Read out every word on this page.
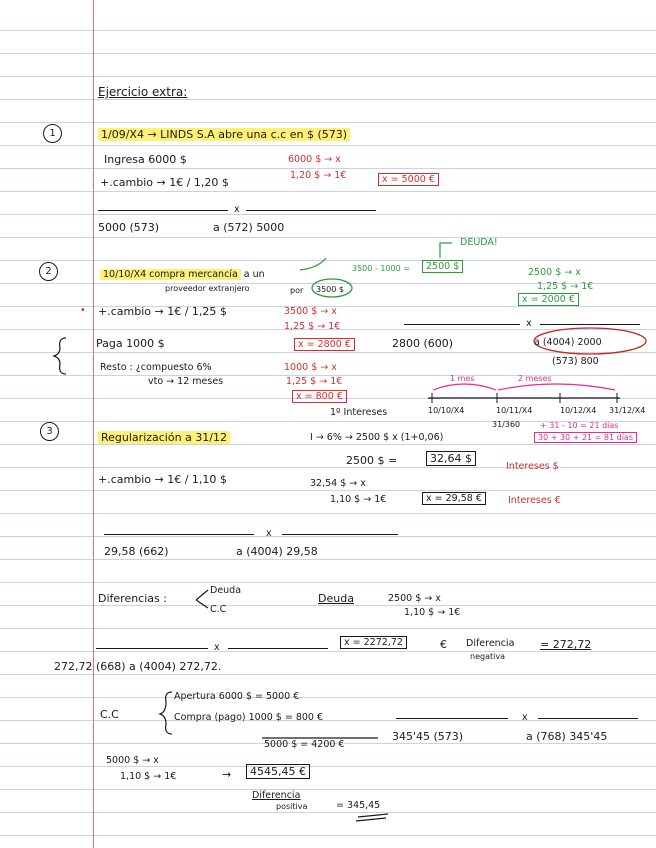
Ejercicio extra:
1	1/09/X4 → LINDS S.A abre una c.c en $ (573)
Ingresa 6000 $
+.cambio → 1€ / 1,20 $
6000 $ → x
1,20 $ → 1€	x = 5000 €
x
5000 (573)	a (572) 5000
2	10/10/X4 compra mercancía a un
proveedor extranjero	por 3500 $
DEUDA!
3500 - 1000 =	2500 $
2500 $ → x
1,25 $ → 1€
x = 2000 €
• +.cambio → 1€ / 1,25 $	3500 $ → x
1,25 $ → 1€
x = 2800 €
x
Paga 1000 $	2800 (600)	a (4004) 2000
(573) 800
Resto : ¿compuesto 6%
vto → 12 meses
1000 $ → x
1,25 $ → 1€
x = 800 €
1 mes	2 meses
10/10/X4	10/11/X4	10/12/X4 31/12/X4
31/360 + 31 - 10 = 21 días
30 + 30 + 21 = 81 días
3	Regularización a 31/12
1º Intereses
I → 6% → 2500 $ x (1+0,06)
2500 $ =	32,64 $
Intereses $
+.cambio → 1€ / 1,10 $	32,54 $ → x
1,10 $ → 1€	x = 29,58 €	Intereses €
x
29,58 (662)	a (4004) 29,58
Diferencias :
Deuda
C.C
Deuda	2500 $ → x
1,10 $ → 1€
x	x = 2272,72	€ Diferencia
negativa
= 272,72
272,72 (668) a (4004) 272,72.
C.C
Apertura 6000 $ = 5000 €
Compra (pago) 1000 $ = 800 €
5000 $ = 4200 €
x
345'45 (573)	a (768) 345'45
5000 $ → x
1,10 $ → 1€	→	4545,45 €
Diferencia
positiva	= 345,45
